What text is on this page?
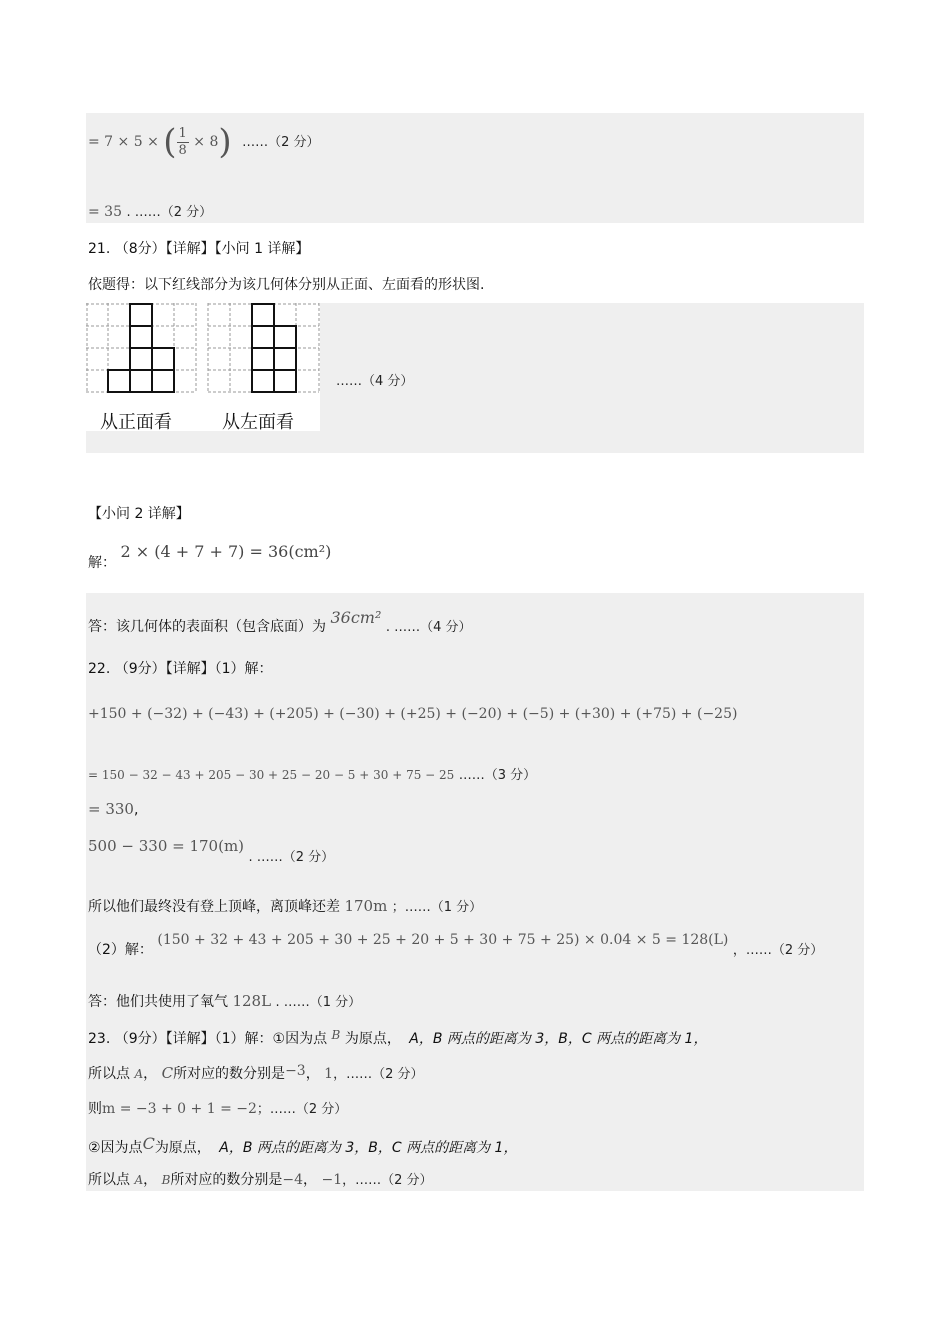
= 7 × 5 × ( $\frac{1}{8} \times 8$) ……（2 分）
= 35 . ……（2 分）
21. （8分）【详解】【小问 1 详解】
依题得：以下红线部分为该几何体分别从正面、左面看的形状图.
从正面看	从左面看
……（4 分）
【小问 2 详解】
解： 2 × (4 + 7 + 7) = 36(cm²)
答：该几何体的表面积（包含底面）为 36cm² . ……（4 分）
22. （9分）【详解】（1）解：
+150 + (−32) + (−43) + (+205) + (−30) + (+25) + (−20) + (−5) + (+30) + (+75) + (−25)
= 150 − 32 − 43 + 205 − 30 + 25 − 20 − 5 + 30 + 75 − 25 ……（3 分）
= 330,
500 − 330 = 170(m) . ……（2 分）
所以他们最终没有登上顶峰，离顶峰还差 170m ；……（1 分）
（2）解： (150 + 32 + 43 + 205 + 30 + 25 + 20 + 5 + 30 + 75 + 25) × 0.04 × 5 = 128(L) ，……（2 分）
答：他们共使用了氧气 128L . ……（1 分）
23. （9分）【详解】（1）解：①因为点 B 为原点， A，B 两点的距离为 3，B，C 两点的距离为 1，
所以点 A， C所对应的数分别是−3， 1，……（2 分）
则m = −3 + 0 + 1 = −2；……（2 分）
②因为点C为原点， A，B 两点的距离为 3，B，C 两点的距离为 1，
所以点 A， B所对应的数分别是−4， −1，……（2 分）
